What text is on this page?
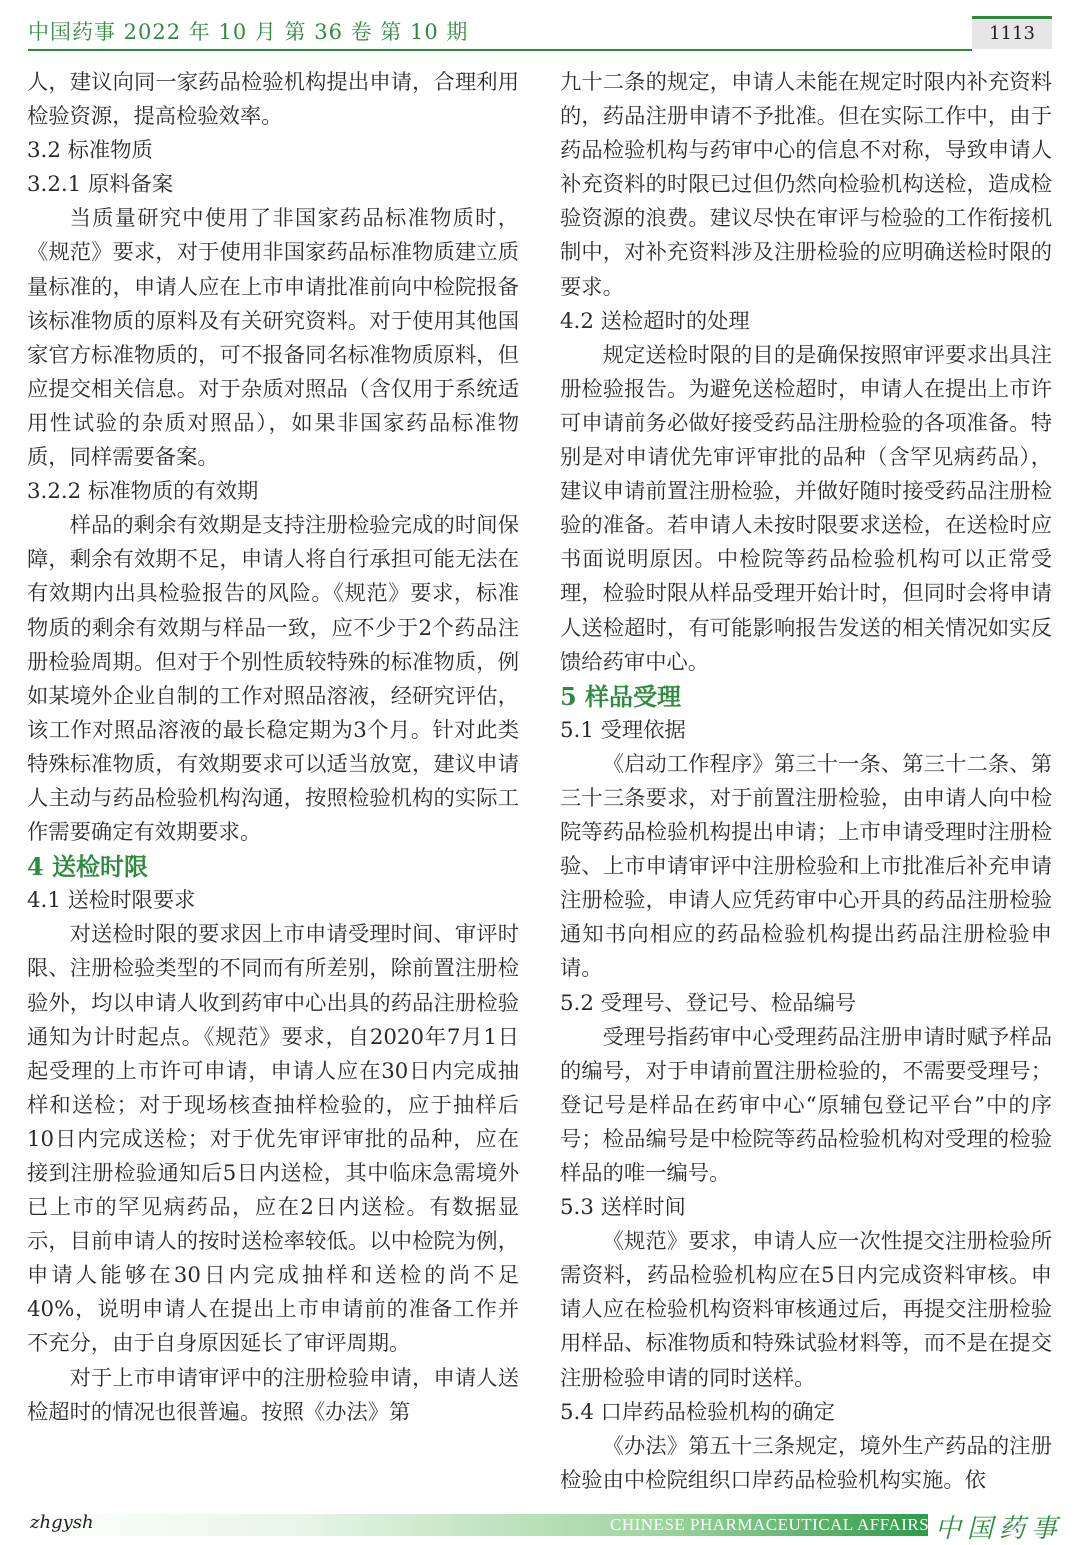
中国药事 2022 年 10 月 第 36 卷 第 10 期	1113

人，建议向同一家药品检验机构提出申请，合理利用检验资源，提高检验效率。

3.2 标准物质
3.2.1 原料备案

当质量研究中使用了非国家药品标准物质时，《规范》要求，对于使用非国家药品标准物质建立质量标准的，申请人应在上市申请批准前向中检院报备该标准物质的原料及有关研究资料。对于使用其他国家官方标准物质的，可不报备同名标准物质原料，但应提交相关信息。对于杂质对照品（含仅用于系统适用性试验的杂质对照品），如果非国家药品标准物质，同样需要备案。

3.2.2 标准物质的有效期

样品的剩余有效期是支持注册检验完成的时间保障，剩余有效期不足，申请人将自行承担可能无法在有效期内出具检验报告的风险。《规范》要求，标准物质的剩余有效期与样品一致，应不少于2个药品注册检验周期。但对于个别性质较特殊的标准物质，例如某境外企业自制的工作对照品溶液，经研究评估，该工作对照品溶液的最长稳定期为3个月。针对此类特殊标准物质，有效期要求可以适当放宽，建议申请人主动与药品检验机构沟通，按照检验机构的实际工作需要确定有效期要求。

4 送检时限
4.1 送检时限要求

对送检时限的要求因上市申请受理时间、审评时限、注册检验类型的不同而有所差别，除前置注册检验外，均以申请人收到药审中心出具的药品注册检验通知为计时起点。《规范》要求，自2020年7月1日起受理的上市许可申请，申请人应在30日内完成抽样和送检；对于现场核查抽样检验的，应于抽样后10日内完成送检；对于优先审评审批的品种，应在接到注册检验通知后5日内送检，其中临床急需境外已上市的罕见病药品，应在2日内送检。有数据显示，目前申请人的按时送检率较低。以中检院为例，申请人能够在30日内完成抽样和送检的尚不足40%，说明申请人在提出上市申请前的准备工作并不充分，由于自身原因延长了审评周期。

对于上市申请审评中的注册检验申请，申请人送检超时的情况也很普遍。按照《办法》第

九十二条的规定，申请人未能在规定时限内补充资料的，药品注册申请不予批准。但在实际工作中，由于药品检验机构与药审中心的信息不对称，导致申请人补充资料的时限已过但仍然向检验机构送检，造成检验资源的浪费。建议尽快在审评与检验的工作衔接机制中，对补充资料涉及注册检验的应明确送检时限的要求。

4.2 送检超时的处理

规定送检时限的目的是确保按照审评要求出具注册检验报告。为避免送检超时，申请人在提出上市许可申请前务必做好接受药品注册检验的各项准备。特别是对申请优先审评审批的品种（含罕见病药品），建议申请前置注册检验，并做好随时接受药品注册检验的准备。若申请人未按时限要求送检，在送检时应书面说明原因。中检院等药品检验机构可以正常受理，检验时限从样品受理开始计时，但同时会将申请人送检超时，有可能影响报告发送的相关情况如实反馈给药审中心。

5 样品受理
5.1 受理依据

《启动工作程序》第三十一条、第三十二条、第三十三条要求，对于前置注册检验，由申请人向中检院等药品检验机构提出申请；上市申请受理时注册检验、上市申请审评中注册检验和上市批准后补充申请注册检验，申请人应凭药审中心开具的药品注册检验通知书向相应的药品检验机构提出药品注册检验申请。

5.2 受理号、登记号、检品编号

受理号指药审中心受理药品注册申请时赋予样品的编号，对于申请前置注册检验的，不需要受理号；登记号是样品在药审中心“原辅包登记平台”中的序号；检品编号是中检院等药品检验机构对受理的检验样品的唯一编号。

5.3 送样时间

《规范》要求，申请人应一次性提交注册检验所需资料，药品检验机构应在5日内完成资料审核。申请人应在检验机构资料审核通过后，再提交注册检验用样品、标准物质和特殊试验材料等，而不是在提交注册检验申请的同时送样。

5.4 口岸药品检验机构的确定

《办法》第五十三条规定，境外生产药品的注册检验由中检院组织口岸药品检验机构实施。依

zhgysh	CHINESE PHARMACEUTICAL AFFAIRS 中国药事
